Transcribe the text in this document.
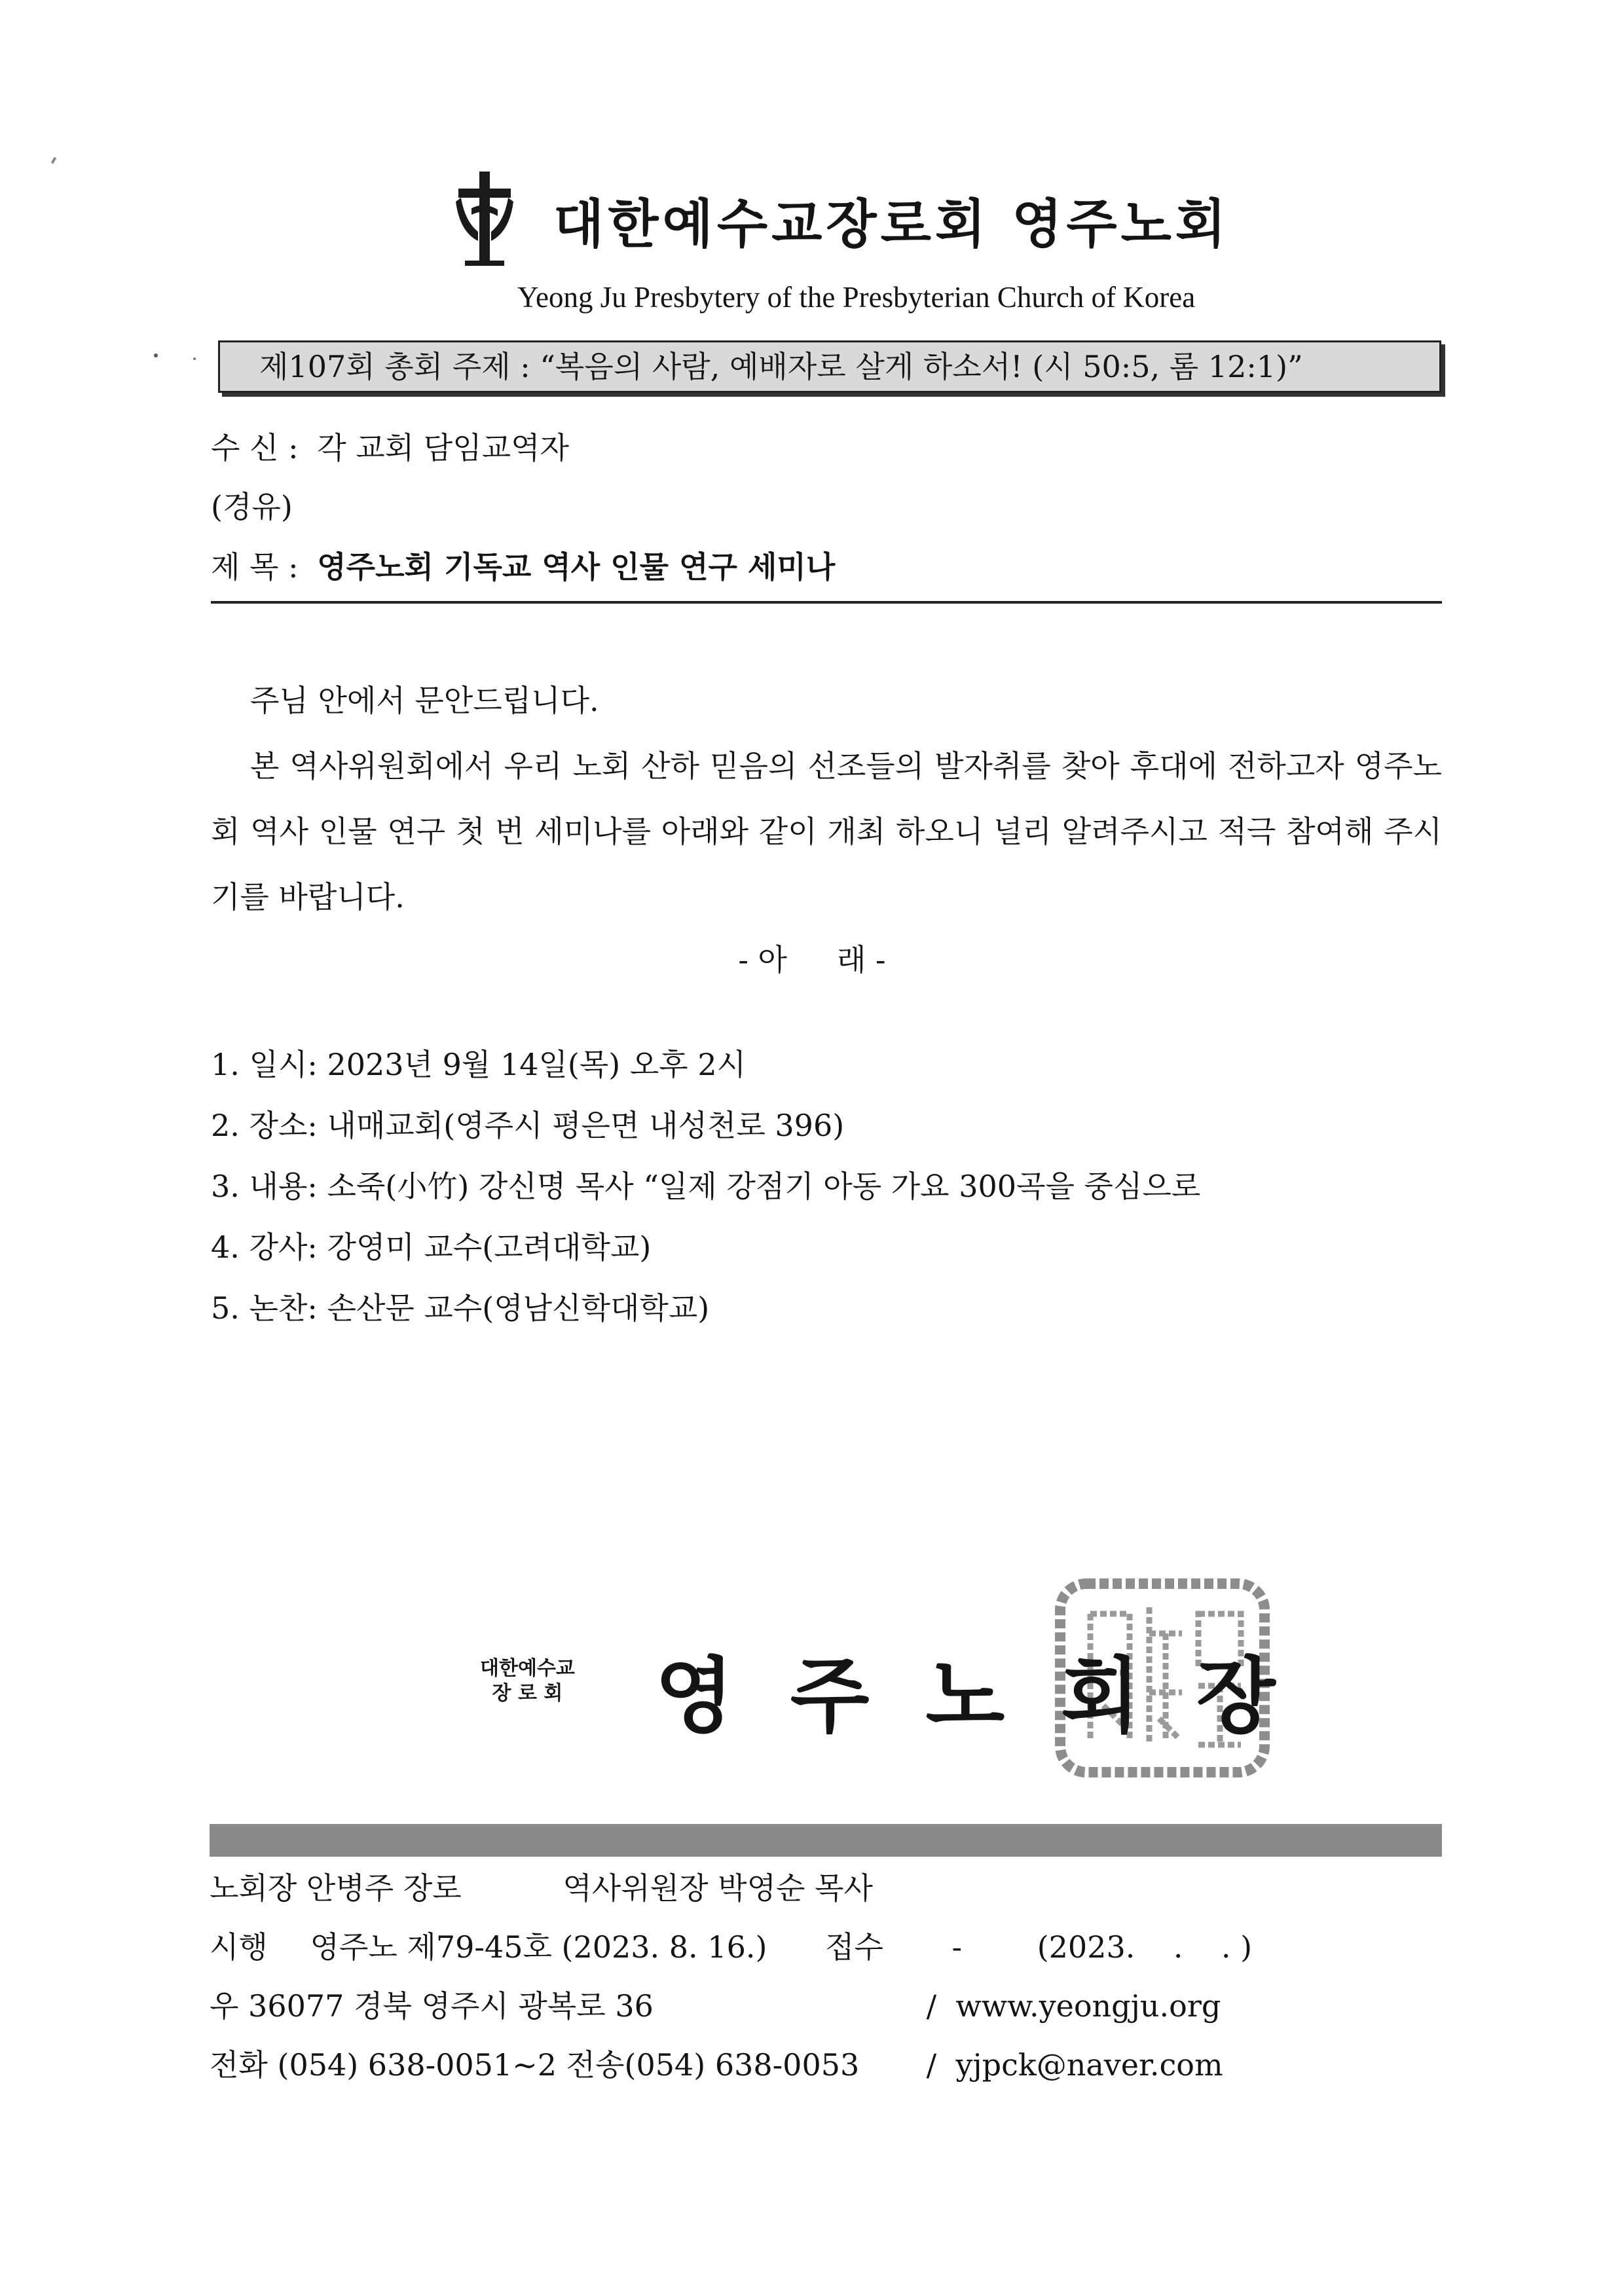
대한예수교장로회 영주노회
Yeong Ju Presbytery of the Presbyterian Church of Korea
제107회 총회 주제 : “복음의 사람, 예배자로 살게 하소서! (시 50:5, 롬 12:1)”
수 신 : 각 교회 담임교역자
(경유)
제 목 : 영주노회 기독교 역사 인물 연구 세미나

주님 안에서 문안드립니다.

본 역사위원회에서 우리 노회 산하 믿음의 선조들의 발자취를 찾아 후대에 전하고자 영주노회 역사 인물 연구 첫 번 세미나를 아래와 같이 개최 하오니 널리 알려주시고 적극 참여해 주시기를 바랍니다.

- 아 래 -
1. 일시: 2023년 9월 14일(목) 오후 2시
2. 장소: 내매교회(영주시 평은면 내성천로 396)
3. 내용: 소죽(小竹) 강신명 목사 “일제 강점기 아동 가요 300곡을 중심으로
4. 강사: 강영미 교수(고려대학교)
5. 논찬: 손산문 교수(영남신학대학교)
대한예수교
장 로 회 영주노회장
노회장 안병주 장로	역사위원장 박영순 목사
시행 영주노 제79-45호 (2023. 8. 16.) 접수 - (2023.    .    . )
우 36077 경북 영주시 광복로 36	/  www.yeongju.org
전화 (054) 638-0051~2 전송(054) 638-0053 /  yjpck@naver.com
